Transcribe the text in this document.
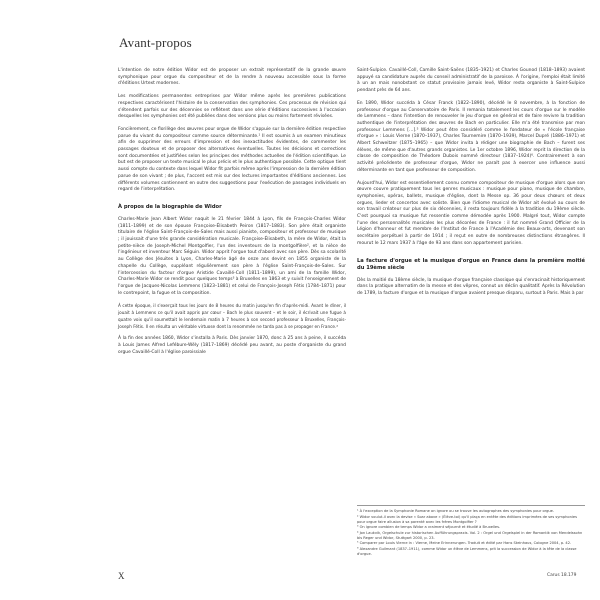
Avant-propos

L'intention de notre édition Widor est de proposer un extrait représentatif de la grande œuvre symphonique pour orgue du compositeur et de la rendre à nouveau accessible sous la forme d'éditions Urtext modernes.

Les modifications permanentes entreprises par Widor même après les premières publications respectives caractérisent l'histoire de la conservation des symphonies. Ces processus de révision qui s'étendent parfois sur des décennies se reflètent dans une série d'éditions successives à l'occasion desquelles les symphonies ont été publiées dans des versions plus ou moins fortement révisées.

Foncièrement, ce florilège des œuvres pour orgue de Widor s'appuie sur la dernière édition respective parue du vivant du compositeur comme source déterminante.¹ Il est soumis à un examen minutieux afin de supprimer des erreurs d'impression et des inexactitudes évidentes, de commenter les passages douteux et de proposer des alternatives éventuelles. Toutes les décisions et corrections sont documentées et justifiées selon les principes des méthodes actuelles de l'édition scientifique. Le but est de proposer un texte musical le plus précis et le plus authentique possible. Cette optique tient aussi compte du contexte dans lequel Widor fit parfois même après l'impression de la dernière édition parue de son vivant ; de plus, l'accent est mis sur des lectures importantes d'éditions anciennes. Les différents volumes contiennent en outre des suggestions pour l'exécution de passages individuels en regard de l'interprétation.

À propos de la biographie de Widor

Charles-Marie Jean Albert Widor naquit le 21 février 1844 à Lyon, fils de François-Charles Widor (1811–1899) et de son épouse Françoise-Élisabeth Peiron (1817–1883). Son père était organiste titulaire de l'église Saint-François-de-Sales mais aussi pianiste, compositeur et professeur de musique ; il jouissait d'une très grande considération musicale. Françoise-Élisabeth, la mère de Widor, était la petite-nièce de Joseph-Michel Montgolfier, l'un des inventeurs de la montgolfière², et la nièce de l'ingénieur et inventeur Marc Séguin. Widor apprit l'orgue tout d'abord avec son père. Dès sa scolarité au Collège des Jésuites à Lyon, Charles-Marie âgé de onze ans devint en 1855 organiste de la chapelle du Collège, suppléant régulièrement son père à l'église Saint-François-de-Sales. Sur l'intercession du facteur d'orgue Aristide Cavaillé-Coll (1811–1899), un ami de la famille Widor, Charles-Marie Widor se rendit pour quelques temps³ à Bruxelles en 1863 et y suivit l'enseignement de l'orgue de Jacques-Nicolas Lemmens (1823–1881) et celui de François-Joseph Fétis (1784–1871) pour le contrepoint, la fugue et la composition.

À cette époque, il s'exerçait tous les jours de 8 heures du matin jusqu'en fin d'après-midi. Avant le dîner, il jouait à Lemmens ce qu'il avait appris par cœur – Bach le plus souvent – et le soir, il écrivait une fugue à quatre voix qu'il soumettait le lendemain matin à 7 heures à son second professeur à Bruxelles, François-Joseph Fétis. Il en résulta un véritable virtuose dont la renommée ne tarda pas à se propager en France.⁴

À la fin des années 1860, Widor s'installa à Paris. Dès janvier 1870, donc à 25 ans à peine, il succéda à Louis James Alfred Lefébure-Wély (1817–1869) décédé peu avant, au poste d'organiste du grand orgue Cavaillé-Coll à l'église paroissiale

Saint-Sulpice. Cavaillé-Coll, Camille Saint-Saëns (1835–1921) et Charles Gounod (1818–1893) avaient appuyé sa candidature auprès du conseil administratif de la paroisse. À l'origine, l'emploi était limité à un an mais nonobstant ce statut provisoire jamais levé, Widor resta organiste à Saint-Sulpice pendant près de 64 ans.

En 1890, Widor succéda à César Franck (1822–1890), décédé le 8 novembre, à la fonction de professeur d'orgue au Conservatoire de Paris. Il remania totalement les cours d'orgue sur le modèle de Lemmens – dans l'intention de renouveler le jeu d'orgue en général et de faire revivre la tradition authentique de l'interprétation des œuvres de Bach en particulier. Elle m'a été transmise par mon professeur Lemmens […].⁵ Widor peut être considéré comme le fondateur de « l'école française d'orgue » : Louis Vierne (1870–1937), Charles Tournemire (1870–1939), Marcel Dupré (1886–1971) et Albert Schweitzer (1875–1965) – que Widor invita à rédiger une biographie de Bach – furent ses élèves, de même que d'autres grands organistes. Le 1er octobre 1896, Widor reprit la direction de la classe de composition de Théodore Dubois nommé directeur (1837–1924)⁶. Contrairement à son activité précédente de professeur d'orgue, Widor ne paraît pas à exercer une influence aussi déterminante en tant que professeur de composition.

Aujourd'hui, Widor est essentiellement connu comme compositeur de musique d'orgue alors que son œuvre couvre pratiquement tous les genres musicaux : musique pour piano, musique de chambre, symphonies, opéras, ballets, musique d'église, dont la Messe op. 36 pour deux chœurs et deux orgues, lieder et concertos avec soliste. Bien que l'idiome musical de Widor ait évolué au cours de son travail créateur sur plus de six décennies, il resta toujours fidèle à la tradition du 19ème siècle. C'est pourquoi sa musique fut ressentie comme démodée après 1900. Malgré tout, Widor compte l'une des personnalités musicales les plus décorées de France : il fut nommé Grand Officier de la Légion d'honneur et fut membre de l'Institut de France à l'Académie des Beaux-arts, devenant son secrétaire perpétuel à partir de 1914 ; il reçut en outre de nombreuses distinctions étrangères. Il mourut le 12 mars 1937 à l'âge de 93 ans dans son appartement parisien.

La facture d'orgue et la musique d'orgue en France dans la première moitié du 19ème siècle

Dès la moitié du 18ème siècle, la musique d'orgue française classique qui s'enracinait historiquement dans la pratique alternatim de la messe et des vêpres, connut un déclin qualitatif. Après la Révolution de 1789, la facture d'orgue et la musique d'orgue avaient presque disparu, surtout à Paris. Mais à par

¹ À l'exception de la Symphonie Romane on ignore ou se trouve les autographes des symphonies pour orgue.
² Widor voulut-il avec la devise « Soar above » (Élève-toi) qu'il plaça en entête des éditions imprimées de ses symphonies pour orgue faire allusion à sa parenté avec les frères Montgolfier ?
³ On ignore combien de temps Widor a vraiment séjourné et étudié à Bruxelles.
⁴ Jon Laukvik, Orgelschule zur historischen Aufführungspraxis. Vol. 2 : Orgel und Orgelspiel in der Romantik von Mendelssohn bis Reger und Widor, Stuttgart 2000, p. 23.
⁵ Comparer par Louis Vierne in : Vierne, Meine Erinnerungen. Traduit et édité par Hans Steinhaus, Cologne 2004, p. 42.
⁶ Alexandre Guilmant (1837–1911), comme Widor un élève de Lemmens, prit la succession de Widor à la tête de la classe d'orgue.
X	Carus 18.179
